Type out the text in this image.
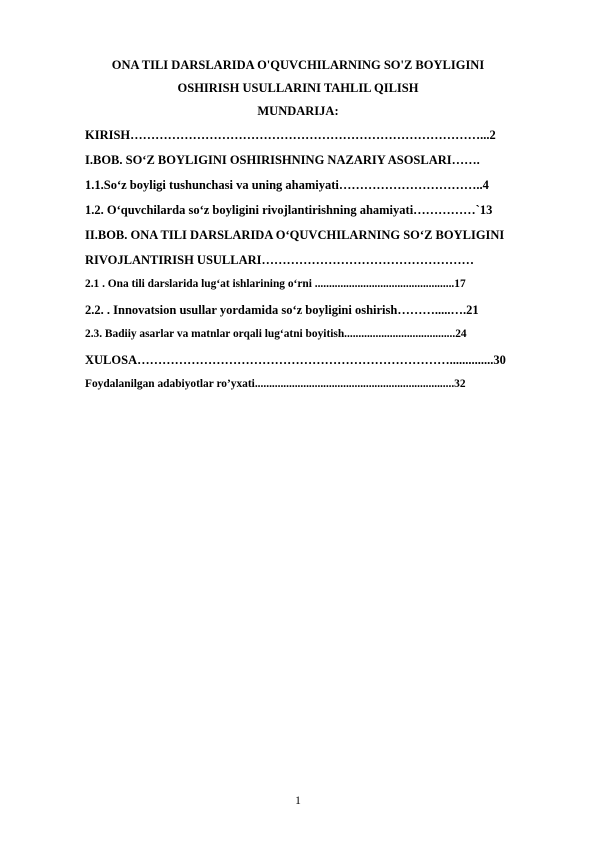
ONA TILI DARSLARIDA O'QUVCHILARNING SO'Z BOYLIGINI
OSHIRISH USULLARINI TAHLIL QILISH
MUNDARIJA:
KIRISH…………………………………………………………………………...2
I.BOB. SO‘Z BOYLIGINI OSHIRISHNING NAZARIY ASOSLARI…….
1.1.So‘z boyligi tushunchasi va uning ahamiyati……………………………..4
1.2. O‘quvchilarda so‘z boyligini rivojlantirishning ahamiyati……………`13
II.BOB. ONA TILI DARSLARIDA O‘QUVCHILARNING SO‘Z BOYLIGINI
RIVOJLANTIRISH USULLARI……………………………………………
2.1 . Ona tili darslarida lug‘at ishlarining o‘rni .................................................17
2.2. . Innovatsion usullar yordamida so‘z boyligini oshirish……….....….21
2.3. Badiiy asarlar va matnlar orqali lug‘atni boyitish.......................................24
XULOSA…………………………………………………………………..............30
Foydalanilgan adabiyotlar ro’yxati......................................................................32
1
